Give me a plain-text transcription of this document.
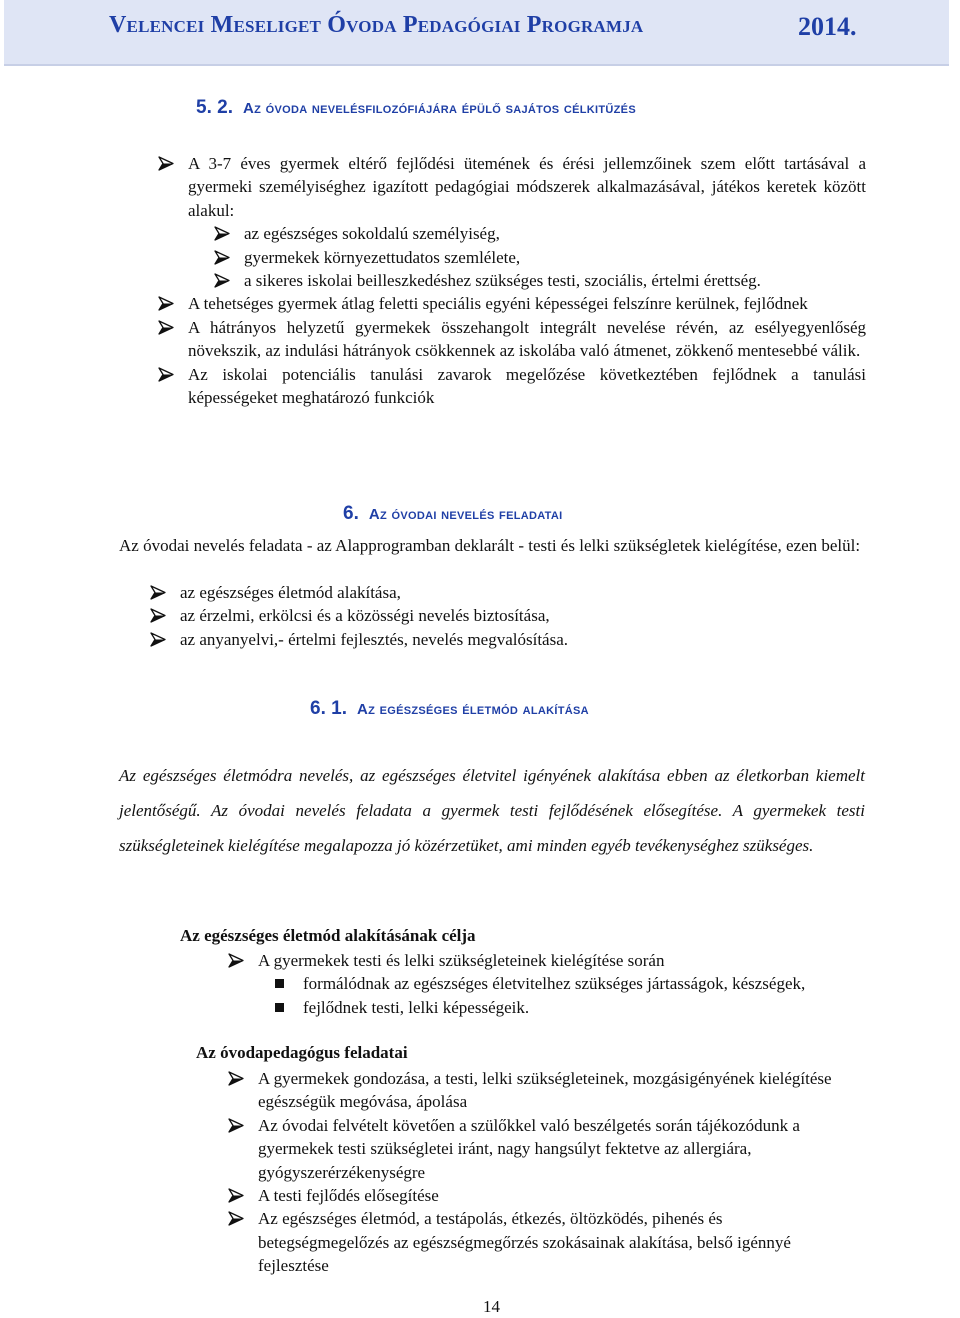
Velencei Meseliget Óvoda Pedagógiai Programja	2014.
5. 2. Az óvoda nevelésfilozófiájára épülő sajátos célkitűzés
A 3-7 éves gyermek eltérő fejlődési ütemének és érési jellemzőinek szem előtt tartásával a gyermeki személyiséghez igazított pedagógiai módszerek alkalmazásával, játékos keretek között alakul:
az egészséges sokoldalú személyiség,
gyermekek környezettudatos szemlélete,
a sikeres iskolai beilleszkedéshez szükséges testi, szociális, értelmi érettség.
A tehetséges gyermek átlag feletti speciális egyéni képességei felszínre kerülnek, fejlődnek
A hátrányos helyzetű gyermekek összehangolt integrált nevelése révén, az esélyegyenlőség növekszik, az indulási hátrányok csökkennek az iskolába való átmenet, zökkenő mentesebbé válik.
Az iskolai potenciális tanulási zavarok megelőzése következtében fejlődnek a tanulási képességeket meghatározó funkciók
6. Az óvodai nevelés feladatai
Az óvodai nevelés feladata - az Alapprogramban deklarált - testi és lelki szükségletek kielégítése, ezen belül:
az egészséges életmód alakítása,
az érzelmi, erkölcsi és a közösségi nevelés biztosítása,
az anyanyelvi,- értelmi fejlesztés, nevelés megvalósítása.
6. 1. Az egészséges életmód alakítása
Az egészséges életmódra nevelés, az egészséges életvitel igényének alakítása ebben az életkorban kiemelt jelentőségű. Az óvodai nevelés feladata a gyermek testi fejlődésének elősegítése. A gyermekek testi szükségleteinek kielégítése megalapozza jó közérzetüket, ami minden egyéb tevékenységhez szükséges.
Az egészséges életmód alakításának célja
A gyermekek testi és lelki szükségleteinek kielégítése során
formálódnak az egészséges életvitelhez szükséges jártasságok, készségek,
fejlődnek testi, lelki képességeik.
Az óvodapedagógus feladatai
A gyermekek gondozása, a testi, lelki szükségleteinek, mozgásigényének kielégítése egészségük megóvása, ápolása
Az óvodai felvételt követően a szülőkkel való beszélgetés során tájékozódunk a gyermekek testi szükségletei iránt, nagy hangsúlyt fektetve az allergiára, gyógyszerérzékenységre
A testi fejlődés elősegítése
Az egészséges életmód, a testápolás, étkezés, öltözködés, pihenés és betegségmegelőzés az egészségmegőrzés szokásainak alakítása, belső igénnyé fejlesztése
14
